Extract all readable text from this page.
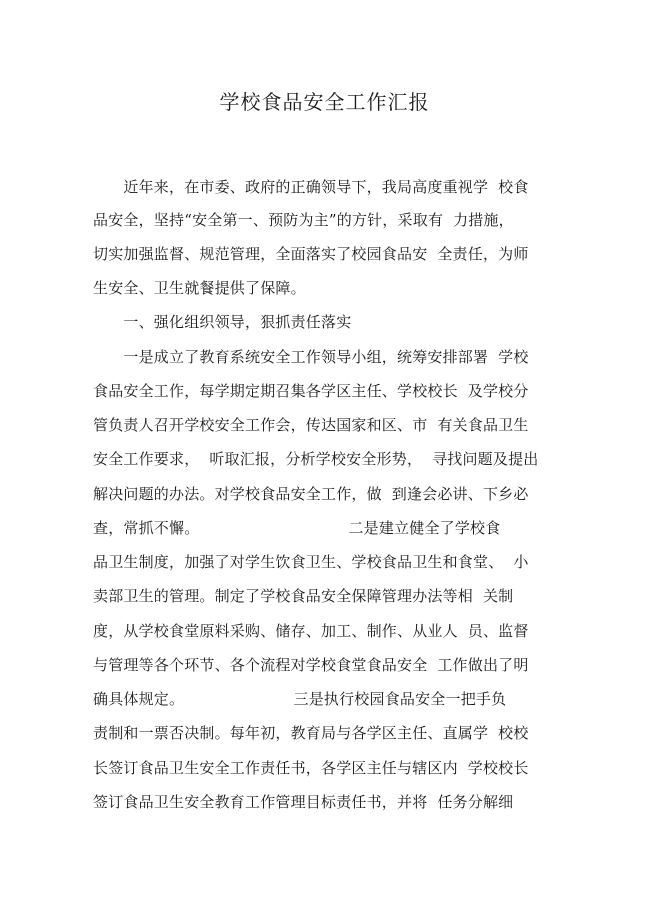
学校食品安全工作汇报
　　近年来，在市委、政府的正确领导下，我局高度重视学  校食
品安全，坚持“安全第一、预防为主”的方针，采取有  力措施，
切实加强监督、规范管理，全面落实了校园食品安  全责任，为师
生安全、卫生就餐提供了保障。
　　一、强化组织领导，狠抓责任落实
　　一是成立了教育系统安全工作领导小组，统筹安排部署  学校
食品安全工作，每学期定期召集各学区主任、学校校长  及学校分
管负责人召开学校安全工作会，传达国家和区、市  有关食品卫生
安全工作要求，  听取汇报，分析学校安全形势，  寻找问题及提出
解决问题的办法。对学校食品安全工作，做  到逢会必讲、下乡必
查，常抓不懈。                              二是建立健全了学校食
品卫生制度，加强了对学生饮食卫生、学校食品卫生和食堂、  小
卖部卫生的管理。制定了学校食品安全保障管理办法等相  关制
度，从学校食堂原料采购、储存、加工、制作、从业人  员、监督
与管理等各个环节、各个流程对学校食堂食品安全  工作做出了明
确具体规定。                      三是执行校园食品安全一把手负
责制和一票否决制。每年初，教育局与各学区主任、直属学  校校
长签订食品卫生安全工作责任书，各学区主任与辖区内  学校校长
签订食品卫生安全教育工作管理目标责任书，并将  任务分解细
